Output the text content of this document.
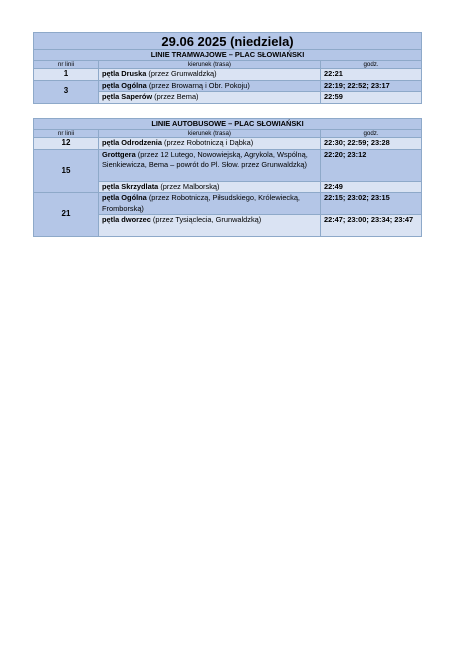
29.06 2025 (niedziela)		
LINIE TRAMWAJOWE – PLAC SŁOWIAŃSKI		
nr linii	kierunek (trasa)	godz.
1	pętla Druska (przez Grunwaldzką)	22:21
3	pętla Ogólna (przez Browarną i Obr. Pokoju)	22:19; 22:52; 23:17
	pętla Saperów (przez Bema)	22:59
LINIE AUTOBUSOWE – PLAC SŁOWIAŃSKI		
nr linii	kierunek (trasa)	godz.
12	pętla Odrodzenia (przez Robotniczą i Dąbka)	22:30; 22:59; 23:28
15	Grottgera (przez 12 Lutego, Nowowiejską, Agrykola, Wspólną, Sienkiewicza, Bema – powrót do Pl. Słow. przez Grunwaldzką)	22:20; 23:12
	pętla Skrzydlata (przez Malborską)	22:49
21	pętla Ogólna (przez Robotniczą, Piłsudskiego, Królewiecką, Fromborską)	22:15; 23:02; 23:15
	pętla dworzec (przez Tysiąclecia, Grunwaldzką)	22:47; 23:00; 23:34; 23:47
